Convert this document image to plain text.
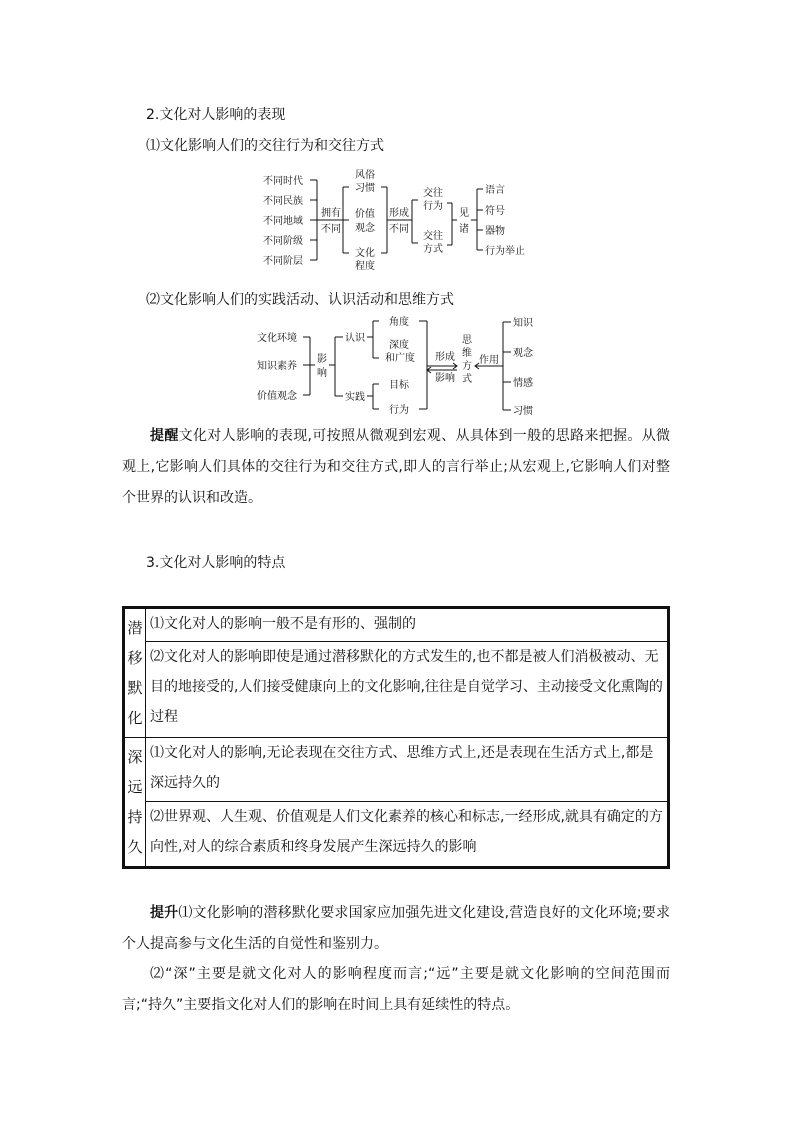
2.文化对人影响的表现
⑴文化影响人们的交往行为和交往方式
不同时代
不同民族
不同地域
不同阶级
不同阶层
拥有
不同
风俗
习惯
价值
观念
文化
程度
形成
不同
交往
行为
交往
方式
见
诸
语言
符号
器物
行为举止
⑵文化影响人们的实践活动、认识活动和思维方式
文化环境
知识素养
价值观念
影
响
认识
实践
角度
深度
和广度
目标
行为
形成
影响
思
维
方
式
作用
知识
观念
情感
习惯
提醒文化对人影响的表现,可按照从微观到宏观、从具体到一般的思路来把握。从微观上,它影响人们具体的交往行为和交往方式,即人的言行举止;从宏观上,它影响人们对整个世界的认识和改造。
3.文化对人影响的特点
潜移默化	⑴文化对人的影响一般不是有形的、强制的
	⑵文化对人的影响即使是通过潜移默化的方式发生的,也不都是被人们消极被动、无目的地接受的,人们接受健康向上的文化影响,往往是自觉学习、主动接受文化熏陶的过程
深远持久	⑴文化对人的影响,无论表现在交往方式、思维方式上,还是表现在生活方式上,都是深远持久的
	⑵世界观、人生观、价值观是人们文化素养的核心和标志,一经形成,就具有确定的方向性,对人的综合素质和终身发展产生深远持久的影响
提升⑴文化影响的潜移默化要求国家应加强先进文化建设,营造良好的文化环境;要求个人提高参与文化生活的自觉性和鉴别力。
⑵“深”主要是就文化对人的影响程度而言;“远”主要是就文化影响的空间范围而言;“持久”主要指文化对人们的影响在时间上具有延续性的特点。
